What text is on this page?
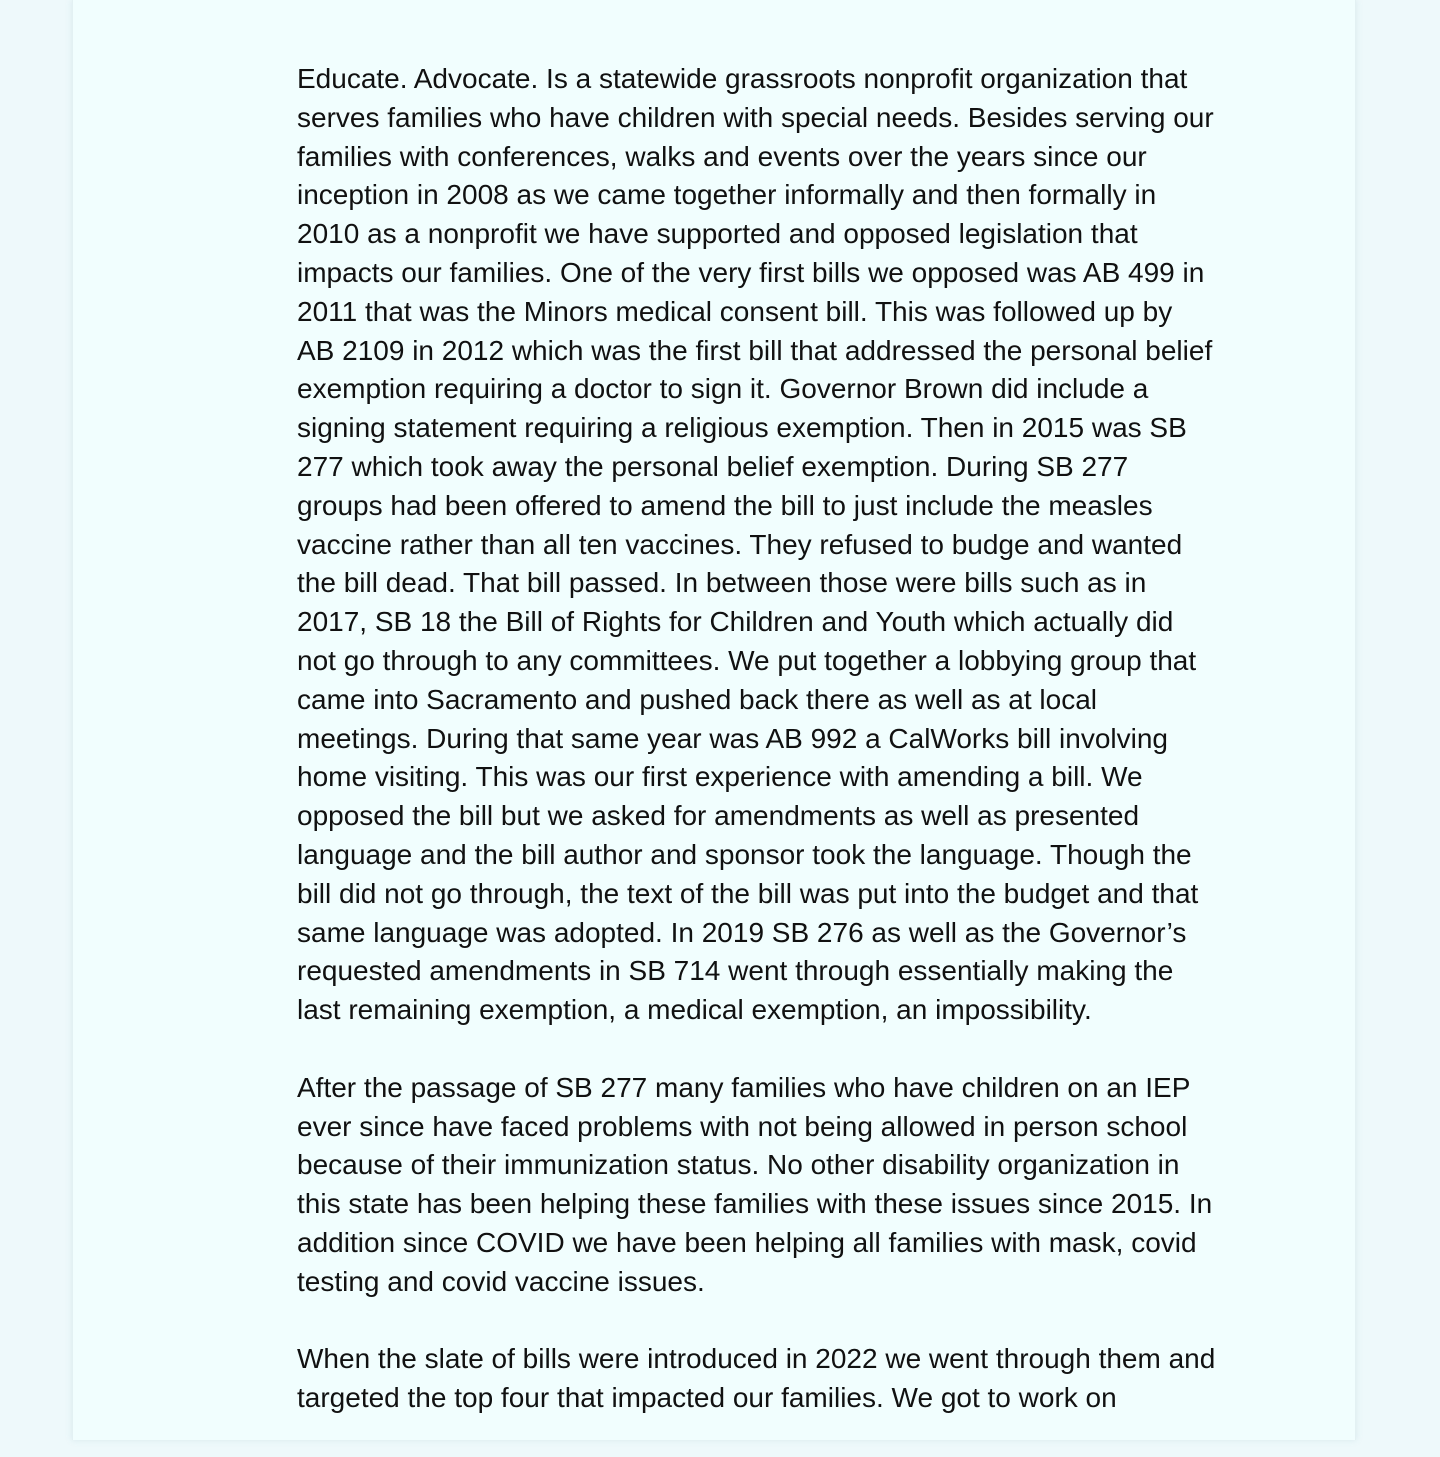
Educate. Advocate. Is a statewide grassroots nonprofit organization that
serves families who have children with special needs. Besides serving our
families with conferences, walks and events over the years since our
inception in 2008 as we came together informally and then formally in
2010 as a nonprofit we have supported and opposed legislation that
impacts our families. One of the very first bills we opposed was AB 499 in
2011 that was the Minors medical consent bill. This was followed up by
AB 2109 in 2012 which was the first bill that addressed the personal belief
exemption requiring a doctor to sign it. Governor Brown did include a
signing statement requiring a religious exemption. Then in 2015 was SB
277 which took away the personal belief exemption. During SB 277
groups had been offered to amend the bill to just include the measles
vaccine rather than all ten vaccines. They refused to budge and wanted
the bill dead. That bill passed. In between those were bills such as in
2017, SB 18 the Bill of Rights for Children and Youth which actually did
not go through to any committees. We put together a lobbying group that
came into Sacramento and pushed back there as well as at local
meetings. During that same year was AB 992 a CalWorks bill involving
home visiting. This was our first experience with amending a bill. We
opposed the bill but we asked for amendments as well as presented
language and the bill author and sponsor took the language. Though the
bill did not go through, the text of the bill was put into the budget and that
same language was adopted. In 2019 SB 276 as well as the Governor’s
requested amendments in SB 714 went through essentially making the
last remaining exemption, a medical exemption, an impossibility.

After the passage of SB 277 many families who have children on an IEP
ever since have faced problems with not being allowed in person school
because of their immunization status. No other disability organization in
this state has been helping these families with these issues since 2015. In
addition since COVID we have been helping all families with mask, covid
testing and covid vaccine issues.

When the slate of bills were introduced in 2022 we went through them and
targeted the top four that impacted our families. We got to work on
